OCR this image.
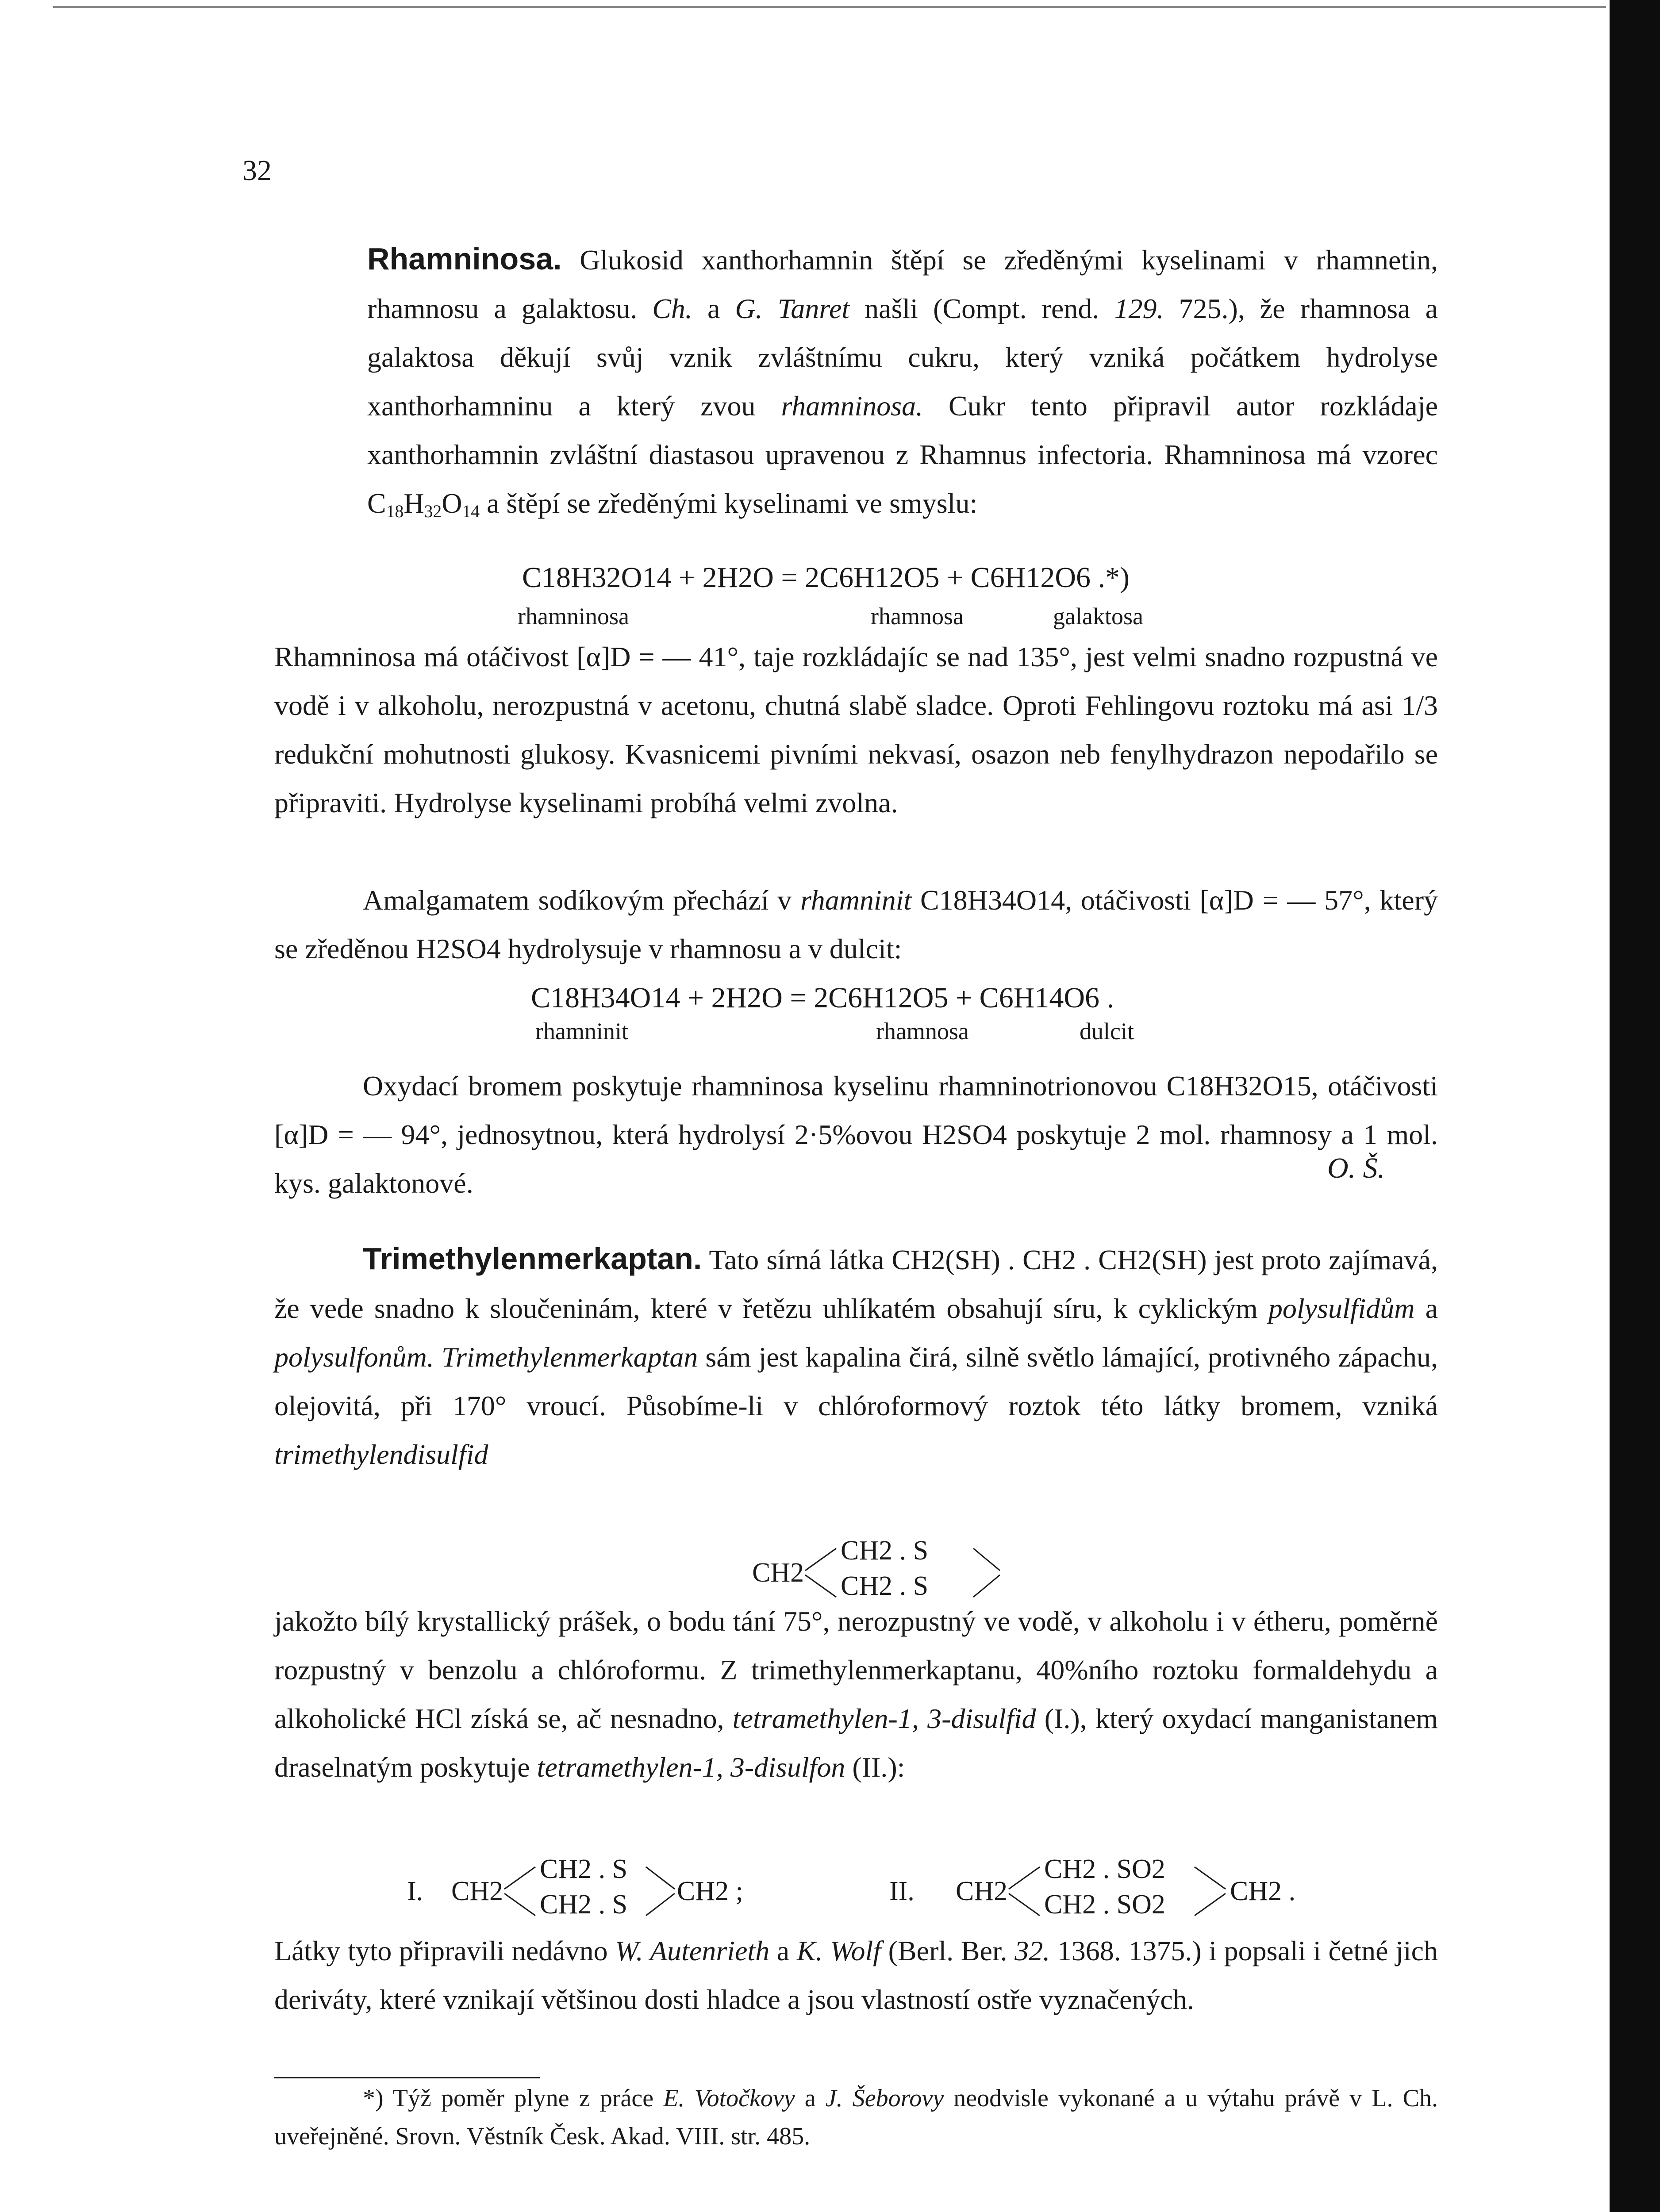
32
Rhamninosa. Glukosid xanthorhamnin štěpí se zředěnými kyselinami v rhamnetin, rhamnosu a galaktosu. Ch. a G. Tanret našli (Compt. rend. 129. 725.), že rhamnosa a galaktosa děkují svůj vznik zvláštnímu cukru, který vzniká počátkem hydrolyse xanthorhamninu a který zvou rhamninosa. Cukr tento připravil autor rozkládaje xanthorhamnin zvláštní diastasou upravenou z Rhamnus infectoria. Rhamninosa má vzorec $C_{18}H_{32}O_{14}$ a štěpí se zředěnými kyselinami ve smyslu:
C18H32O14 + 2H2O = 2C6H12O5 + C6H12O6 .*)
rhamninosa	rhamnosa	galaktosa
Rhamninosa má otáčivost [α]D = — 41°, taje rozkládajíc se nad 135°, jest velmi snadno rozpustná ve vodě i v alkoholu, nerozpustná v acetonu, chutná slabě sladce. Oproti Fehlingovu roztoku má asi 1/3 redukční mohutnosti glukosy. Kvasnicemi pivními nekvasí, osazon neb fenylhydrazon nepodařilo se připraviti. Hydrolyse kyselinami probíhá velmi zvolna.
Amalgamatem sodíkovým přechází v rhamninit C18H34O14, otáčivosti [α]D = — 57°, který se zředěnou H2SO4 hydrolysuje v rhamnosu a v dulcit:
C18H34O14 + 2H2O = 2C6H12O5 + C6H14O6 .
rhamninit	rhamnosa	dulcit
Oxydací bromem poskytuje rhamninosa kyselinu rhamninotrionovou C18H32O15, otáčivosti [α]D = — 94°, jednosytnou, která hydrolysí 2·5%ovou H2SO4 poskytuje 2 mol. rhamnosy a 1 mol. kys. galaktonové.	O. Š.
Trimethylenmerkaptan. Tato sírná látka CH2(SH) . CH2 . CH2(SH) jest proto zajímavá, že vede snadno k sloučeninám, které v řetězu uhlíkatém obsahují síru, k cyklickým polysulfidům a polysulfonům. Trimethylenmerkaptan sám jest kapalina čirá, silně světlo lámající, protivného zápachu, olejovitá, při 170° vroucí. Působíme-li v chlóroformový roztok této látky bromem, vzniká trimethylendisulfid
CH2
CH2 . S
CH2 . S
jakožto bílý krystallický prášek, o bodu tání 75°, nerozpustný ve vodě, v alkoholu i v étheru, poměrně rozpustný v benzolu a chlóroformu. Z trimethylenmerkaptanu, 40%ního roztoku formaldehydu a alkoholické HCl získá se, ač nesnadno, tetramethylen-1, 3-disulfid (I.), který oxydací manganistanem draselnatým poskytuje tetramethylen-1, 3-disulfon (II.):
I. CH2
CH2 . S
CH2 . S CH2 ;	II. CH2
CH2 . SO2
CH2 . SO2 CH2 .
Látky tyto připravili nedávno W. Autenrieth a K. Wolf (Berl. Ber. 32. 1368. 1375.) i popsali i četné jich deriváty, které vznikají většinou dosti hladce a jsou vlastností ostře vyznačených.
*) Týž poměr plyne z práce E. Votočkovy a J. Šeborovy neodvisle vykonané a u výtahu právě v L. Ch. uveřejněné. Srovn. Věstník Česk. Akad. VIII. str. 485.
